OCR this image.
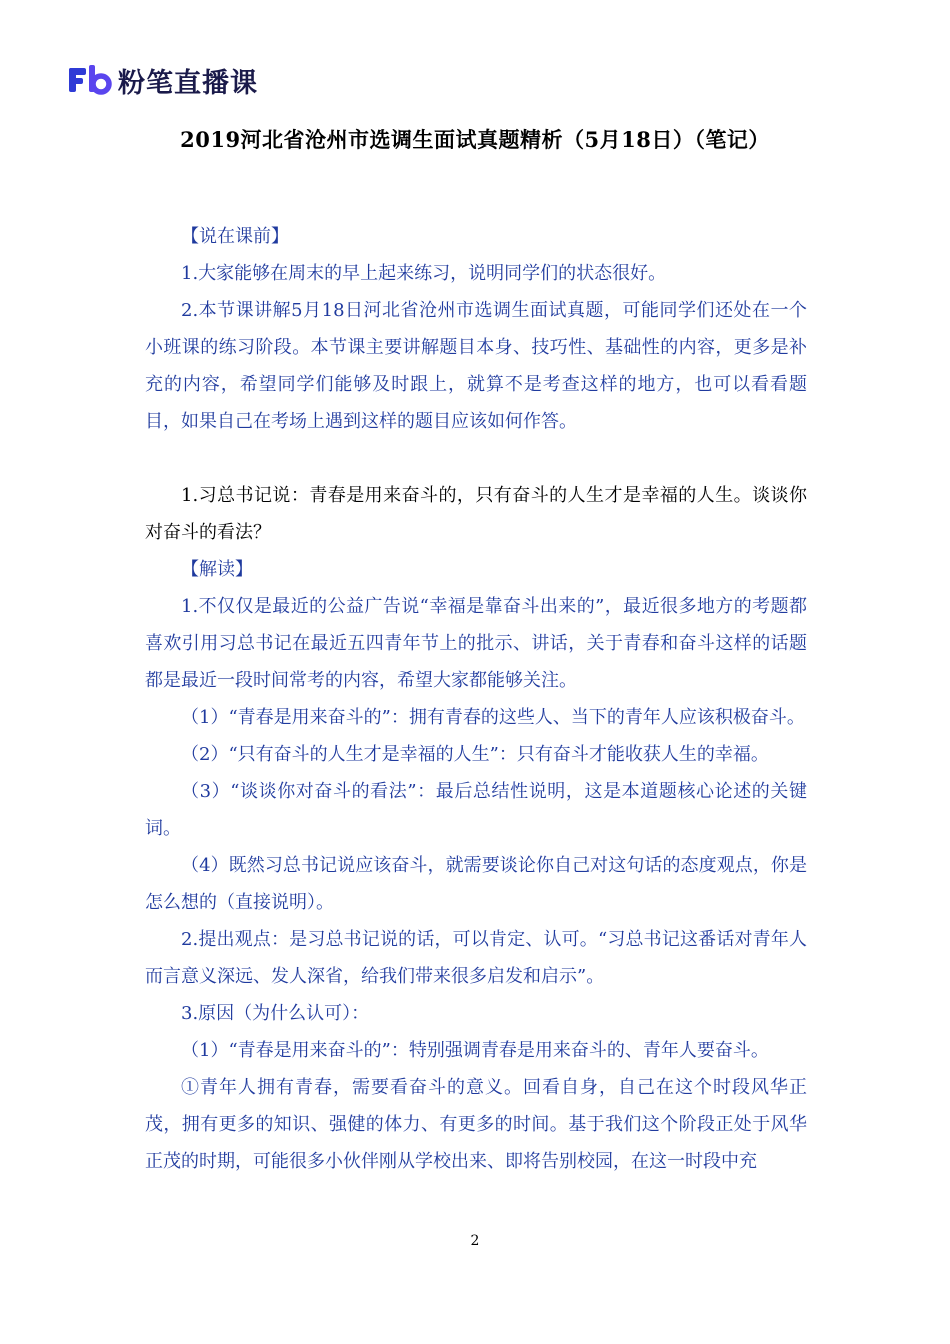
粉笔直播课
2019河北省沧州市选调生面试真题精析（5月18日）（笔记）

【说在课前】

1.大家能够在周末的早上起来练习，说明同学们的状态很好。

2.本节课讲解5月18日河北省沧州市选调生面试真题，可能同学们还处在一个小班课的练习阶段。本节课主要讲解题目本身、技巧性、基础性的内容，更多是补充的内容，希望同学们能够及时跟上，就算不是考查这样的地方，也可以看看题目，如果自己在考场上遇到这样的题目应该如何作答。

1.习总书记说：青春是用来奋斗的，只有奋斗的人生才是幸福的人生。谈谈你对奋斗的看法？

【解读】

1.不仅仅是最近的公益广告说“幸福是靠奋斗出来的”，最近很多地方的考题都喜欢引用习总书记在最近五四青年节上的批示、讲话，关于青春和奋斗这样的话题都是最近一段时间常考的内容，希望大家都能够关注。

（1）“青春是用来奋斗的”：拥有青春的这些人、当下的青年人应该积极奋斗。

（2）“只有奋斗的人生才是幸福的人生”：只有奋斗才能收获人生的幸福。

（3）“谈谈你对奋斗的看法”：最后总结性说明，这是本道题核心论述的关键词。

（4）既然习总书记说应该奋斗，就需要谈论你自己对这句话的态度观点，你是怎么想的（直接说明）。

2.提出观点：是习总书记说的话，可以肯定、认可。“习总书记这番话对青年人而言意义深远、发人深省，给我们带来很多启发和启示”。

3.原因（为什么认可）：

（1）“青春是用来奋斗的”：特别强调青春是用来奋斗的、青年人要奋斗。

①青年人拥有青春，需要看奋斗的意义。回看自身，自己在这个时段风华正茂，拥有更多的知识、强健的体力、有更多的时间。基于我们这个阶段正处于风华正茂的时期，可能很多小伙伴刚从学校出来、即将告别校园，在这一时段中充

2
